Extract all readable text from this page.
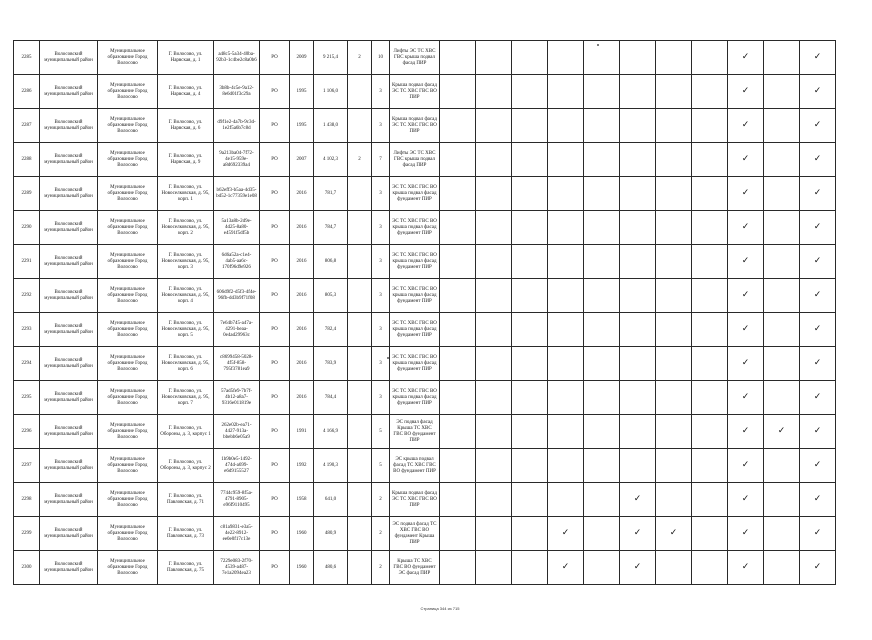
2285	Волосовский муниципальный район	Муниципальное образование Город Волосово	Г. Волосово, ул. Нарвская, д. 1	a48c5-5a34-40ba-92b3-1c4be2c8a0b6	РО	2009	9 215,4	2	10	Лифты ЭС ТС ХВС ГВС крыша подвал фасад ПИР									✓		✓
2286	Волосовский муниципальный район	Муниципальное образование Город Волосово	Г. Волосово, ул. Нарвская, д. 4	3b8b-4c5e-9a12-8e6d01f3c29a	РО	1995	1 106,0		3	Крыша подвал фасад ЭС ТС ХВС ГВС ВО ПИР									✓		✓
2287	Волосовский муниципальный район	Муниципальное образование Город Волосово	Г. Волосово, ул. Нарвская, д. 6	d9f1e2-4a7b-9c3d-1e2f5a6b7c8d	РО	1995	1 438,0		3	Крыша подвал фасад ЭС ТС ХВС ГВС ВО ПИР									✓		✓
2288	Волосовский муниципальный район	Муниципальное образование Город Волосово	Г. Волосово, ул. Нарвская, д. 9	9a213ba04-7f72-4e15-959e-a8d692339a4	РО	2007	4 102,3	2	7	Лифты ЭС ТС ХВС ГВС крыша подвал фасад ПИР									✓		✓
2289	Волосовский муниципальный район	Муниципальное образование Город Волосово	Г. Волосово, ул. Новоселковская, д. 95, корп. 1	b62eff3-b5aa-4d35-bd52-1c77359e1e08	РО	2016	781,7		3	ЭС ТС ХВС ГВС ВО крыша подвал фасад фундамент ПИР									✓		✓
2290	Волосовский муниципальный район	Муниципальное образование Город Волосово	Г. Волосово, ул. Новоселковская, д. 95, корп. 2	5a13a8b-2d9e-4d25-8a80-e4591f5df5b	РО	2016	784,7		3	ЭС ТС ХВС ГВС ВО крыша подвал фасад фундамент ПИР									✓		✓
2291	Волосовский муниципальный район	Муниципальное образование Город Волосово	Г. Волосово, ул. Новоселковская, д. 95, корп. 3	6d6a52a-c1e4-4ab5-aa6c-170f96d9e926	РО	2016	806,8		3	ЭС ТС ХВС ГВС ВО крыша подвал фасад фундамент ПИР									✓		✓
2292	Волосовский муниципальный район	Муниципальное образование Город Волосово	Г. Волосово, ул. Новоселковская, д. 95, корп. 4	606d9f2-d5f3-4f4e-96fb-dd3b9f71f08	РО	2016	805,3		3	ЭС ТС ХВС ГВС ВО крыша подвал фасад фундамент ПИР									✓		✓
2293	Волосовский муниципальный район	Муниципальное образование Город Волосово	Г. Волосово, ул. Новоселковская, д. 95, корп. 5	7e64b745-a47a-4291-beaa-0e4ad29963c	РО	2016	782,4		3	ЭС ТС ХВС ГВС ВО крыша подвал фасад фундамент ПИР									✓		✓
2294	Волосовский муниципальный район	Муниципальное образование Город Волосово	Г. Волосово, ул. Новоселковская, д. 95, корп. 6	c8699458-5028-4f5f-858-795f3781ea9	РО	2016	783,9		3	ЭС ТС ХВС ГВС ВО крыша подвал фасад фундамент ПИР									✓		✓
2295	Волосовский муниципальный район	Муниципальное образование Город Волосово	Г. Волосово, ул. Новоселковская, д. 95, корп. 7	57ad5fe9-7b7f-4b12-a8a7-9316e011819e	РО	2016	784,4		3	ЭС ТС ХВС ГВС ВО крыша подвал фасад фундамент ПИР									✓		✓
2296	Волосовский муниципальный район	Муниципальное образование Город Волосово	Г. Волосово, ул. Обороны, д. 3, корпус 1	262e02b-ea71-4427-913a-bbebb6e05a9	РО	1991	4 166,9		5	ЭС подвал фасад Крыша ТС ХВС ГВС ВО фундамент ПИР									✓	✓	✓
2297	Волосовский муниципальный район	Муниципальное образование Город Волосово	Г. Волосово, ул. Обороны, д. 3, корпус 2	1b9b0e5-1492-474d-a699-e6d9155527	РО	1992	4 190,3		5	ЭС крыша подвал фасад ТС ХВС ГВС ВО фундамент ПИР									✓		✓
2298	Волосовский муниципальный район	Муниципальное образование Город Волосово	Г. Волосово, ул. Павловская, д. 71	7744c959-8f5a-4791-8905-e96f9110495	РО	1958	641,0		2	Крыша подвал фасад ЭС ТС ХВС ГВС ВО ПИР						✓			✓		✓
2299	Волосовский муниципальный район	Муниципальное образование Город Волосово	Г. Волосово, ул. Павловская, д. 73	c81a9831-e3a5-4e22-8912-ee0e0f17c13e	РО	1960	480,9		2	ЭС подвал фасад ТС ХВС ГВС ВО фундамент Крыша ПИР				✓		✓	✓		✓		✓
2300	Волосовский муниципальный район	Муниципальное образование Город Волосово	Г. Волосово, ул. Павловская, д. 75	7229e083-2f70-4539-a487-7e1a2094ea23	РО	1960	480,6		2	Крыша ТС ХВС ГВС ВО фундамент ЭС фасад ПИР				✓		✓			✓		✓
Страница 344 из 715
